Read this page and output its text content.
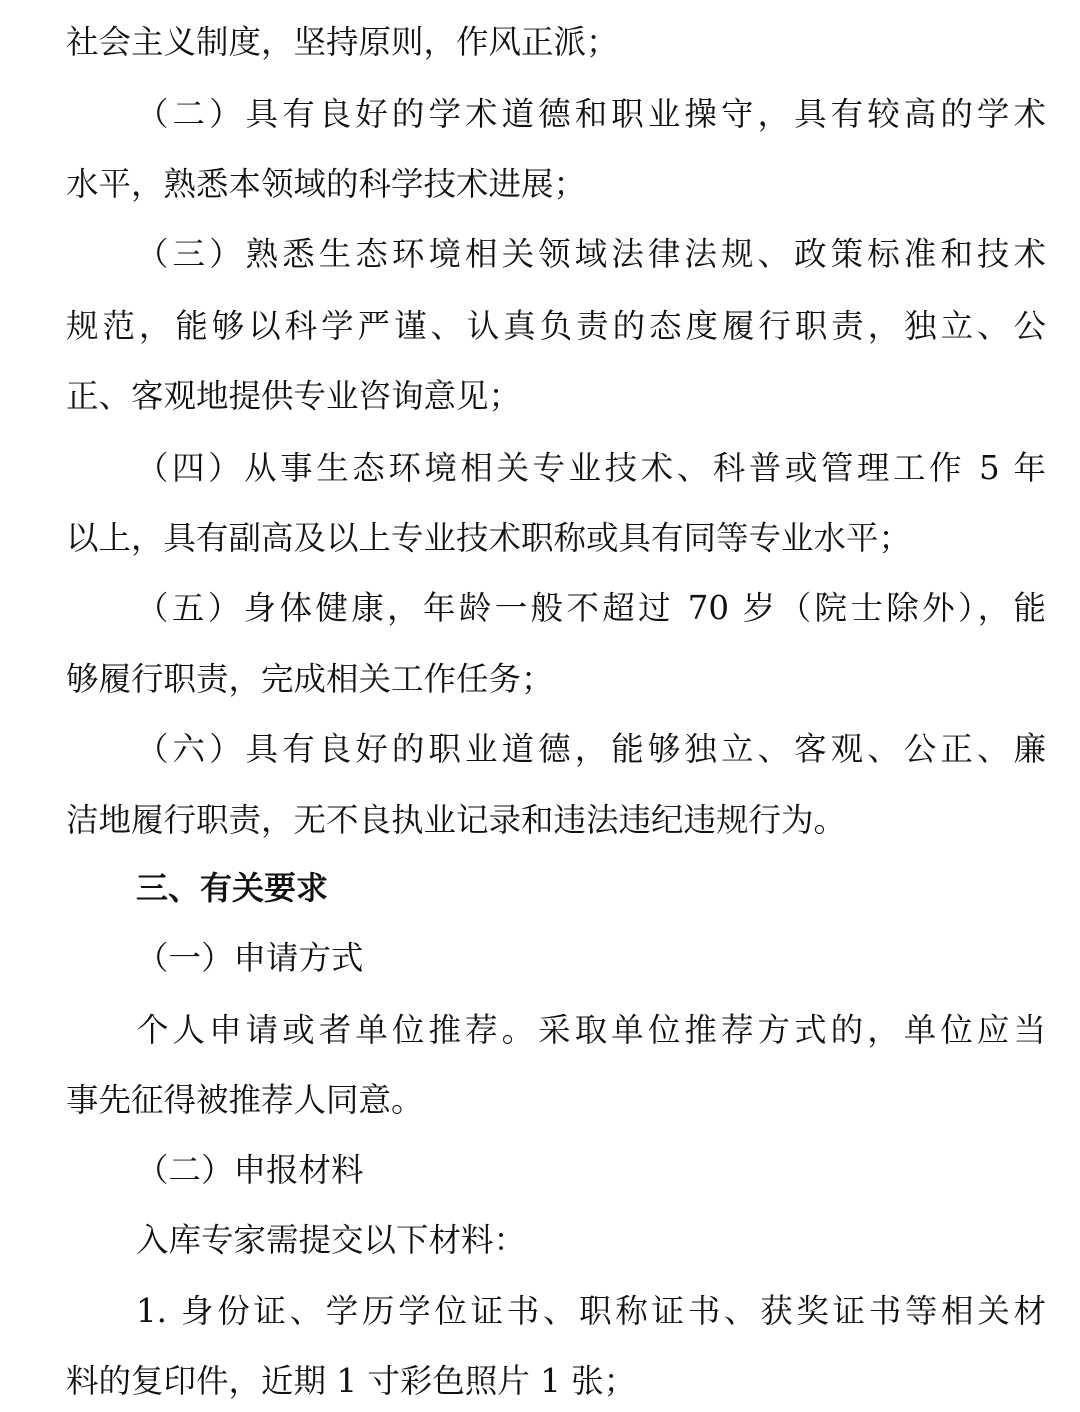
社会主义制度，坚持原则，作风正派；
（二）具有良好的学术道德和职业操守，具有较高的学术
水平，熟悉本领域的科学技术进展；
（三）熟悉生态环境相关领域法律法规、政策标准和技术
规范，能够以科学严谨、认真负责的态度履行职责，独立、公
正、客观地提供专业咨询意见；
（四）从事生态环境相关专业技术、科普或管理工作 5 年
以上，具有副高及以上专业技术职称或具有同等专业水平；
（五）身体健康，年龄一般不超过 70 岁（院士除外），能
够履行职责，完成相关工作任务；
（六）具有良好的职业道德，能够独立、客观、公正、廉
洁地履行职责，无不良执业记录和违法违纪违规行为。
三、有关要求
（一）申请方式
个人申请或者单位推荐。采取单位推荐方式的，单位应当
事先征得被推荐人同意。
（二）申报材料
入库专家需提交以下材料：
1. 身份证、学历学位证书、职称证书、获奖证书等相关材
料的复印件，近期 1 寸彩色照片 1 张；
